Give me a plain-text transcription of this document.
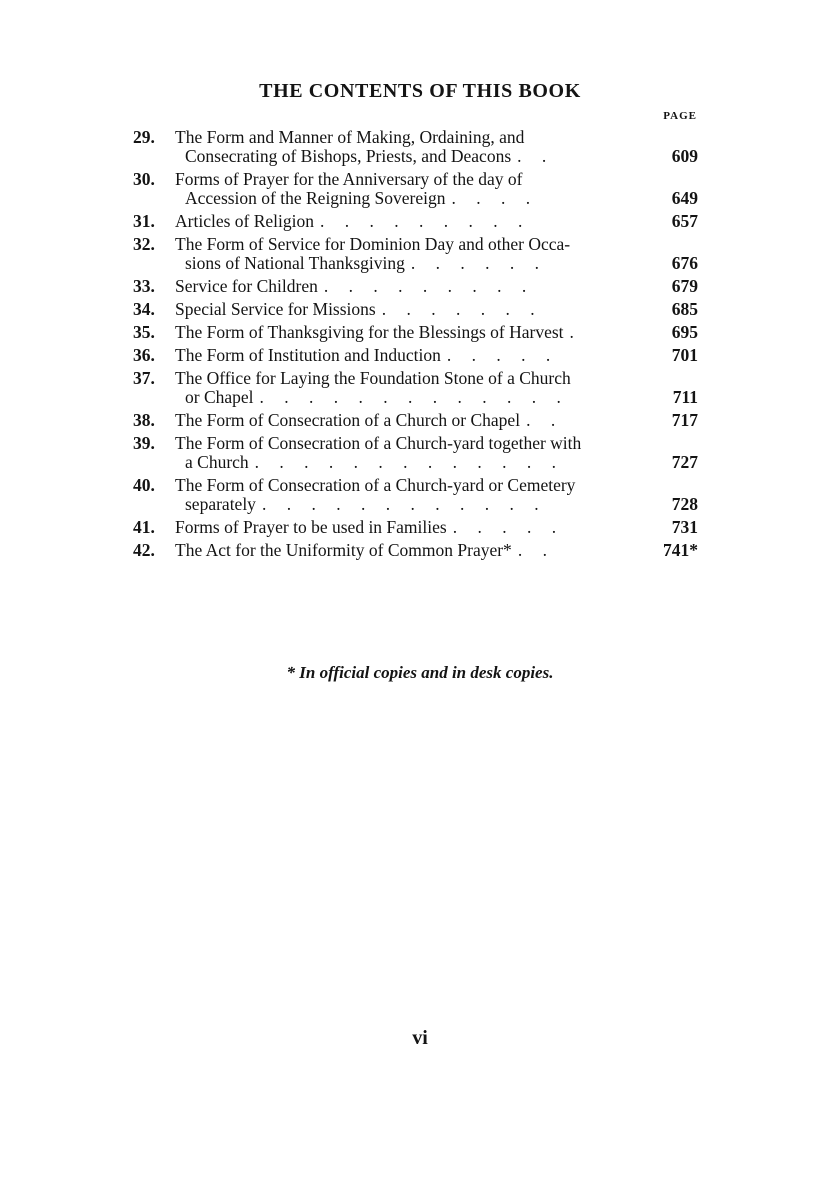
THE CONTENTS OF THIS BOOK
PAGE
29.	The Form and Manner of Making, Ordaining, and
Consecrating of Bishops, Priests, and Deacons . .	609
30.	Forms of Prayer for the Anniversary of the day of
Accession of the Reigning Sovereign . . . .	649
31.	Articles of Religion . . . . . . . . .	657
32.	The Form of Service for Dominion Day and other Occa-
sions of National Thanksgiving . . . . . .	676
33.	Service for Children . . . . . . . . .	679
34.	Special Service for Missions . . . . . . .	685
35.	The Form of Thanksgiving for the Blessings of Harvest .	695
36.	The Form of Institution and Induction . . . . .	701
37.	The Office for Laying the Foundation Stone of a Church
or Chapel . . . . . . . . . . . . .	711
38.	The Form of Consecration of a Church or Chapel . .	717
39.	The Form of Consecration of a Church-yard together with
a Church . . . . . . . . . . . . .	727
40.	The Form of Consecration of a Church-yard or Cemetery
separately . . . . . . . . . . . .	728
41.	Forms of Prayer to be used in Families . . . . .	731
42.	The Act for the Uniformity of Common Prayer* . .	741*
* In official copies and in desk copies.
vi
